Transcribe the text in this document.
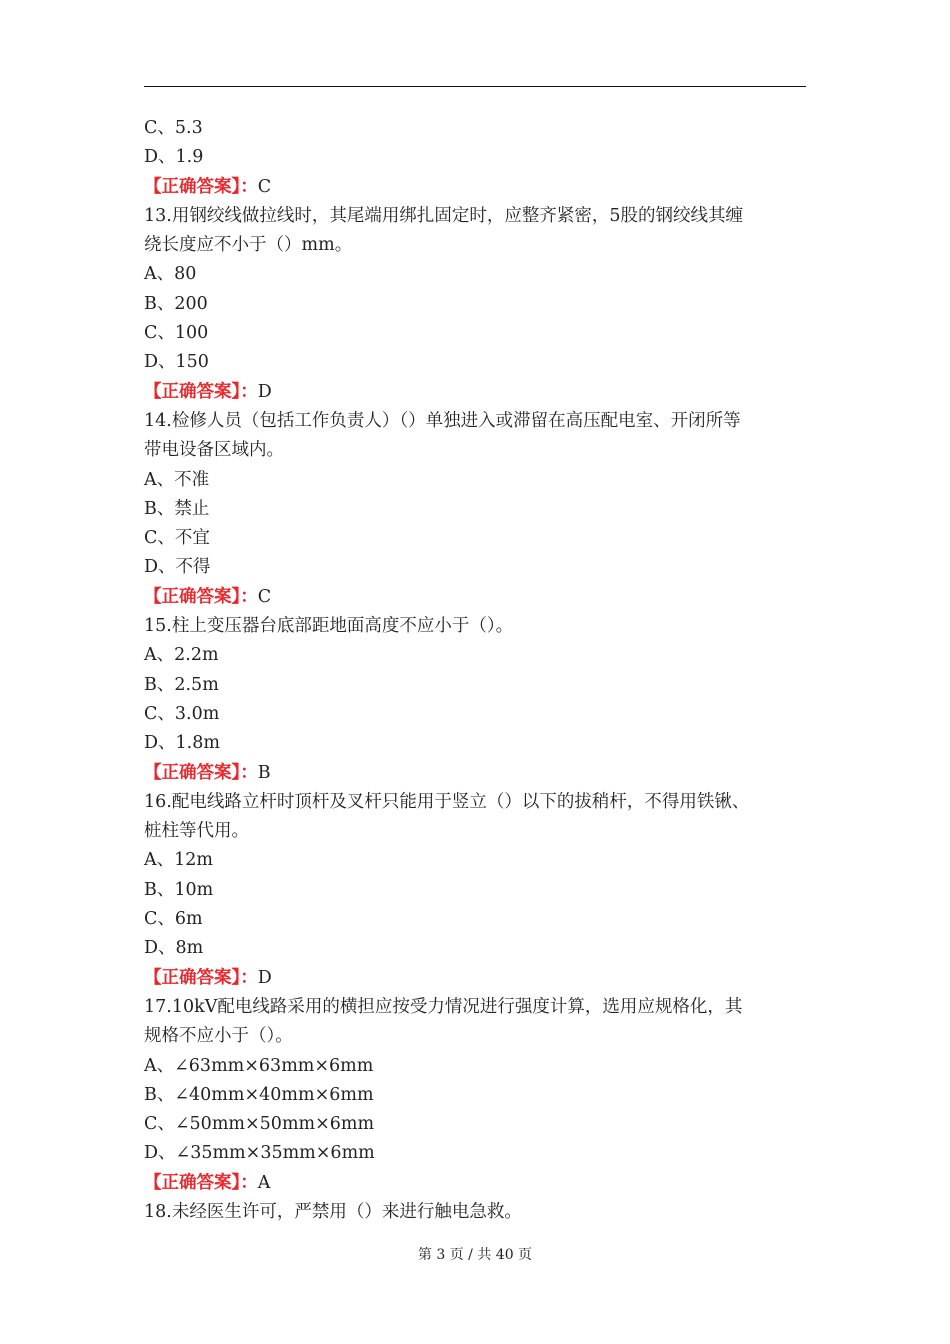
C、5.3
D、1.9
【正确答案】：C
13.用钢绞线做拉线时，其尾端用绑扎固定时，应整齐紧密，5股的钢绞线其缠
绕长度应不小于（）mm。
A、80
B、200
C、100
D、150
【正确答案】：D
14.检修人员（包括工作负责人）（）单独进入或滞留在高压配电室、开闭所等
带电设备区域内。
A、不准
B、禁止
C、不宜
D、不得
【正确答案】：C
15.柱上变压器台底部距地面高度不应小于（）。
A、2.2m
B、2.5m
C、3.0m
D、1.8m
【正确答案】：B
16.配电线路立杆时顶杆及叉杆只能用于竖立（）以下的拔稍杆，不得用铁锹、
桩柱等代用。
A、12m
B、10m
C、6m
D、8m
【正确答案】：D
17.10kV配电线路采用的横担应按受力情况进行强度计算，选用应规格化，其
规格不应小于（）。
A、∠63mm×63mm×6mm
B、∠40mm×40mm×6mm
C、∠50mm×50mm×6mm
D、∠35mm×35mm×6mm
【正确答案】：A
18.未经医生许可，严禁用（）来进行触电急救。
第 3 页 / 共 40 页
